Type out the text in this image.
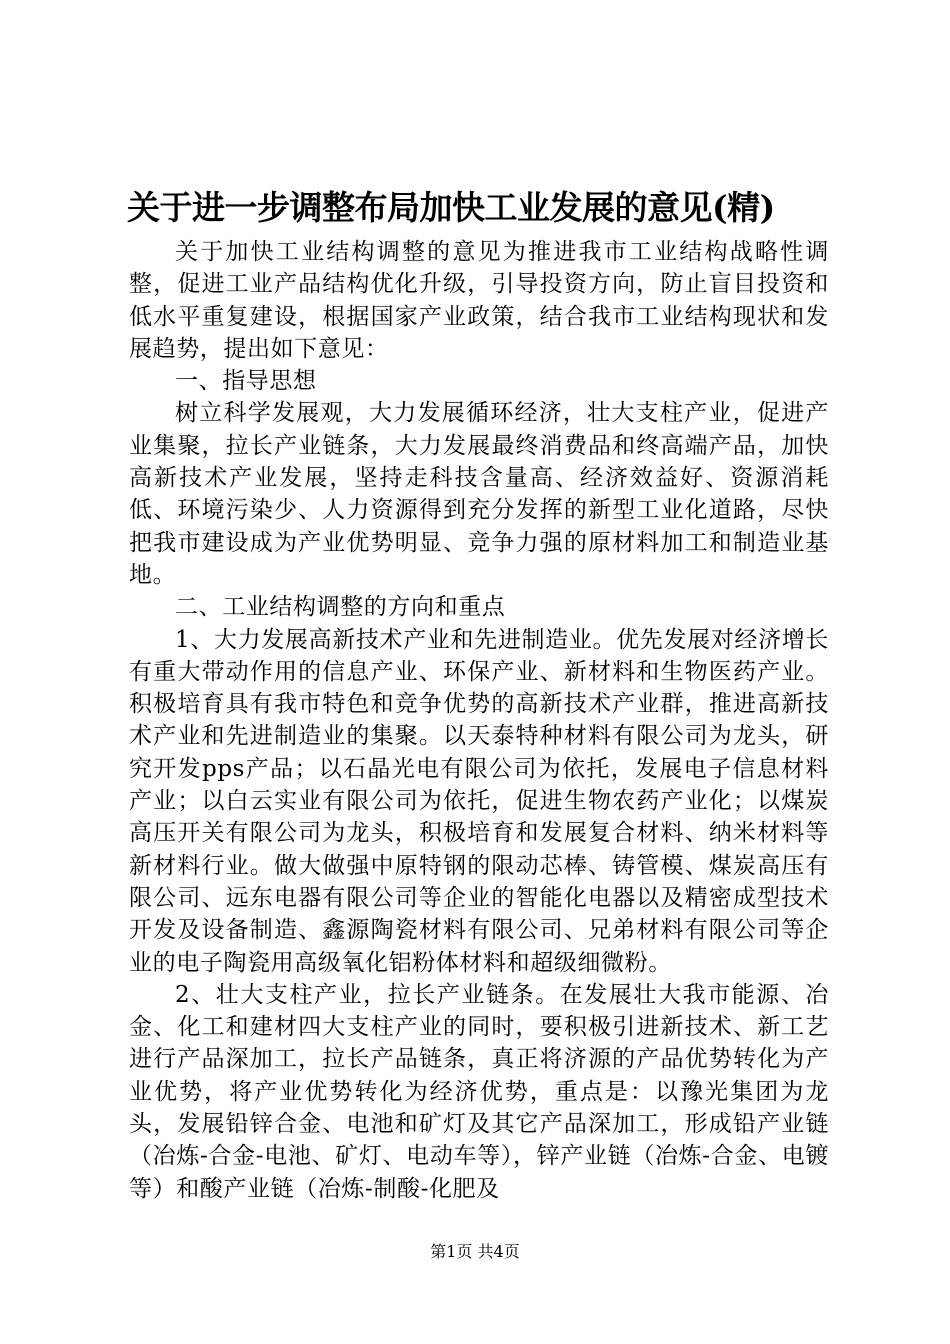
关于进一步调整布局加快工业发展的意见(精)

关于加快工业结构调整的意见为推进我市工业结构战略性调整，促进工业产品结构优化升级，引导投资方向，防止盲目投资和低水平重复建设，根据国家产业政策，结合我市工业结构现状和发展趋势，提出如下意见：

一、指导思想

树立科学发展观，大力发展循环经济，壮大支柱产业，促进产业集聚，拉长产业链条，大力发展最终消费品和终高端产品，加快高新技术产业发展，坚持走科技含量高、经济效益好、资源消耗低、环境污染少、人力资源得到充分发挥的新型工业化道路，尽快把我市建设成为产业优势明显、竞争力强的原材料加工和制造业基地。

二、工业结构调整的方向和重点

1、大力发展高新技术产业和先进制造业。优先发展对经济增长有重大带动作用的信息产业、环保产业、新材料和生物医药产业。积极培育具有我市特色和竞争优势的高新技术产业群，推进高新技术产业和先进制造业的集聚。以天泰特种材料有限公司为龙头，研究开发pps产品；以石晶光电有限公司为依托，发展电子信息材料产业；以白云实业有限公司为依托，促进生物农药产业化；以煤炭高压开关有限公司为龙头，积极培育和发展复合材料、纳米材料等新材料行业。做大做强中原特钢的限动芯棒、铸管模、煤炭高压有限公司、远东电器有限公司等企业的智能化电器以及精密成型技术开发及设备制造、鑫源陶瓷材料有限公司、兄弟材料有限公司等企业的电子陶瓷用高级氧化铝粉体材料和超级细微粉。

2、壮大支柱产业，拉长产业链条。在发展壮大我市能源、冶金、化工和建材四大支柱产业的同时，要积极引进新技术、新工艺进行产品深加工，拉长产品链条，真正将济源的产品优势转化为产业优势，将产业优势转化为经济优势，重点是：以豫光集团为龙头，发展铅锌合金、电池和矿灯及其它产品深加工，形成铅产业链（冶炼-合金-电池、矿灯、电动车等），锌产业链（冶炼-合金、电镀等）和酸产业链（冶炼-制酸-化肥及

第1页 共4页
